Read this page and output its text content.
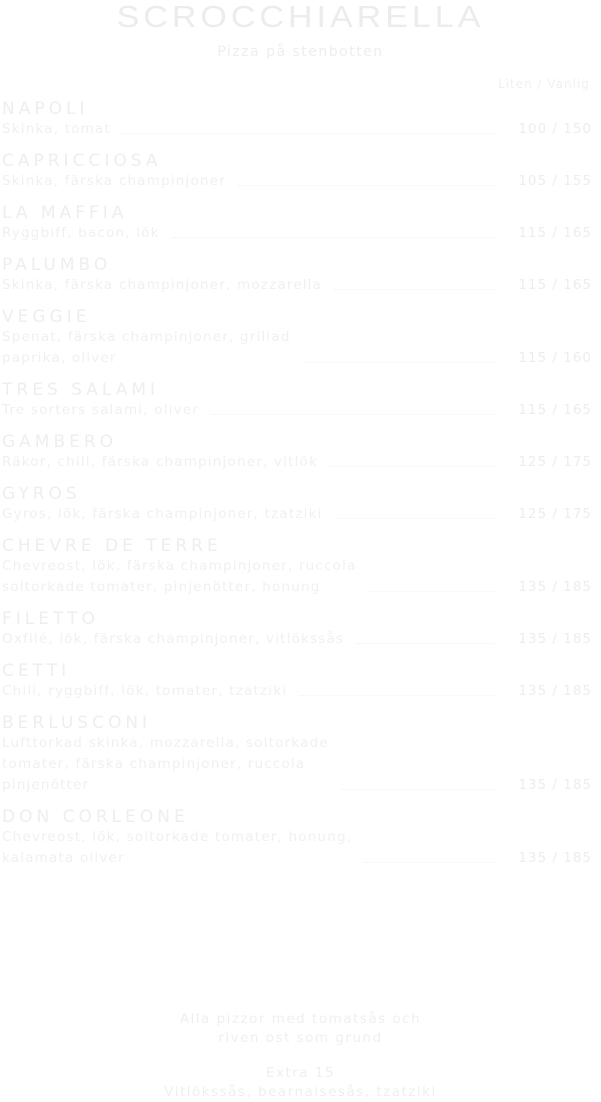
SCROCCHIARELLA
Pizza på stenbotten
Liten / Vanlig
NAPOLI
Skinka, tomat	100 / 150
CAPRICCIOSA
Skinka, färska champinjoner	105 / 155
LA MAFFIA
Ryggbiff, bacon, lök	115 / 165
PALUMBO
Skinka, färska champinjoner, mozzarella	115 / 165
VEGGIE
Spenat, färska champinjoner, grillad
paprika, oliver	115 / 160
TRES SALAMI
Tre sorters salami, oliver	115 / 165
GAMBERO
Räkor, chili, färska champinjoner, vitlök	125 / 175
GYROS
Gyros, lök, färska champinjoner, tzatziki	125 / 175
CHEVRE DE TERRE
Chevreost, lök, färska champinjoner, ruccola
soltorkade tomater, pinjenötter, honung	135 / 185
FILETTO
Oxfilé, lök, färska champinjoner, vitlökssås	135 / 185
CETTI
Chili, ryggbiff, lök, tomater, tzatziki	135 / 185
BERLUSCONI
Lufttorkad skinka, mozzarella, soltorkade
tomater, färska champinjoner, ruccola
pinjenötter	135 / 185
DON CORLEONE
Chevreost, lök, soltorkade tomater, honung,
kalamata oliver	135 / 185
Alla pizzor med tomatsås och
riven ost som grund
Extra 15
Vitlökssås, bearnaisesås, tzatziki
